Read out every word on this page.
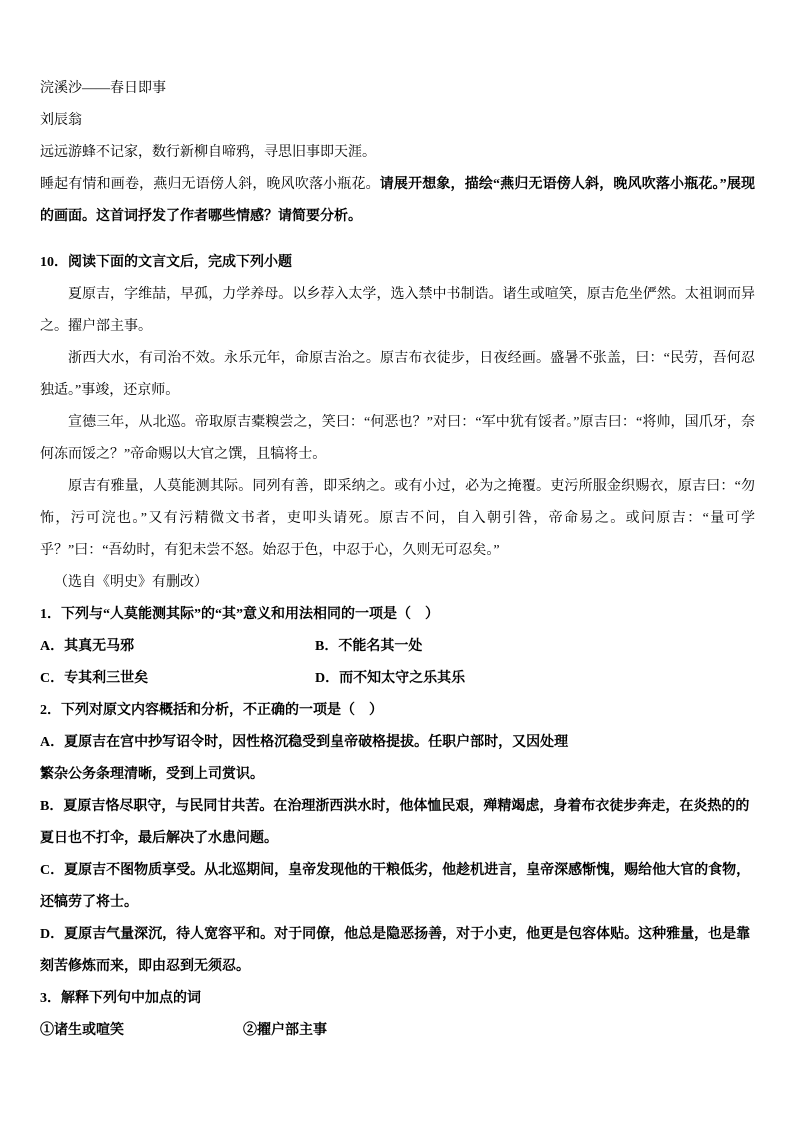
浣溪沙——春日即事

刘辰翁

远远游蜂不记家，数行新柳自啼鸦，寻思旧事即天涯。

睡起有情和画卷，燕归无语傍人斜，晚风吹落小瓶花。请展开想象，描绘“燕归无语傍人斜，晚风吹落小瓶花。”展现的画面。这首词抒发了作者哪些情感？请简要分析。

10．阅读下面的文言文后，完成下列小题

夏原吉，字维喆，早孤，力学养母。以乡荐入太学，选入禁中书制诰。诸生或喧笑，原吉危坐俨然。太祖诇而异之。擢户部主事。

浙西大水，有司治不效。永乐元年，命原吉治之。原吉布衣徒步，日夜经画。盛暑不张盖，曰：“民劳，吾何忍独适。”事竣，还京师。

宣德三年，从北巡。帝取原吉橐糗尝之，笑曰：“何恶也？”对曰：“军中犹有馁者。”原吉曰：“将帅，国爪牙，奈何冻而馁之？”帝命赐以大官之馔，且犒将士。

原吉有雅量，人莫能测其际。同列有善，即采纳之。或有小过，必为之掩覆。吏污所服金织赐衣，原吉曰：“勿怖，污可浣也。”又有污精微文书者，吏叩头请死。原吉不问，自入朝引咎，帝命易之。或问原吉：“量可学乎？”曰：“吾幼时，有犯未尝不怒。始忍于色，中忍于心，久则无可忍矣。”

（选自《明史》有删改）

1．下列与“人莫能测其际”的“其”意义和用法相同的一项是（　）

A．其真无马邪	B．不能名其一处
C．专其利三世矣	D．而不知太守之乐其乐

2．下列对原文内容概括和分析，不正确的一项是（　）

A．夏原吉在宫中抄写诏令时，因性格沉稳受到皇帝破格提拔。任职户部时，又因处理

繁杂公务条理清晰，受到上司赏识。

B．夏原吉恪尽职守，与民同甘共苦。在治理浙西洪水时，他体恤民艰，殚精竭虑，身着布衣徒步奔走，在炎热的的

夏日也不打伞，最后解决了水患问题。

C．夏原吉不图物质享受。从北巡期间，皇帝发现他的干粮低劣，他趁机进言，皇帝深感惭愧，赐给他大官的食物，

还犒劳了将士。

D．夏原吉气量深沉，待人宽容平和。对于同僚，他总是隐恶扬善，对于小吏，他更是包容体贴。这种雅量，也是靠

刻苦修炼而来，即由忍到无须忍。

3．解释下列句中加点的词

①诸生或喧笑	②擢户部主事
